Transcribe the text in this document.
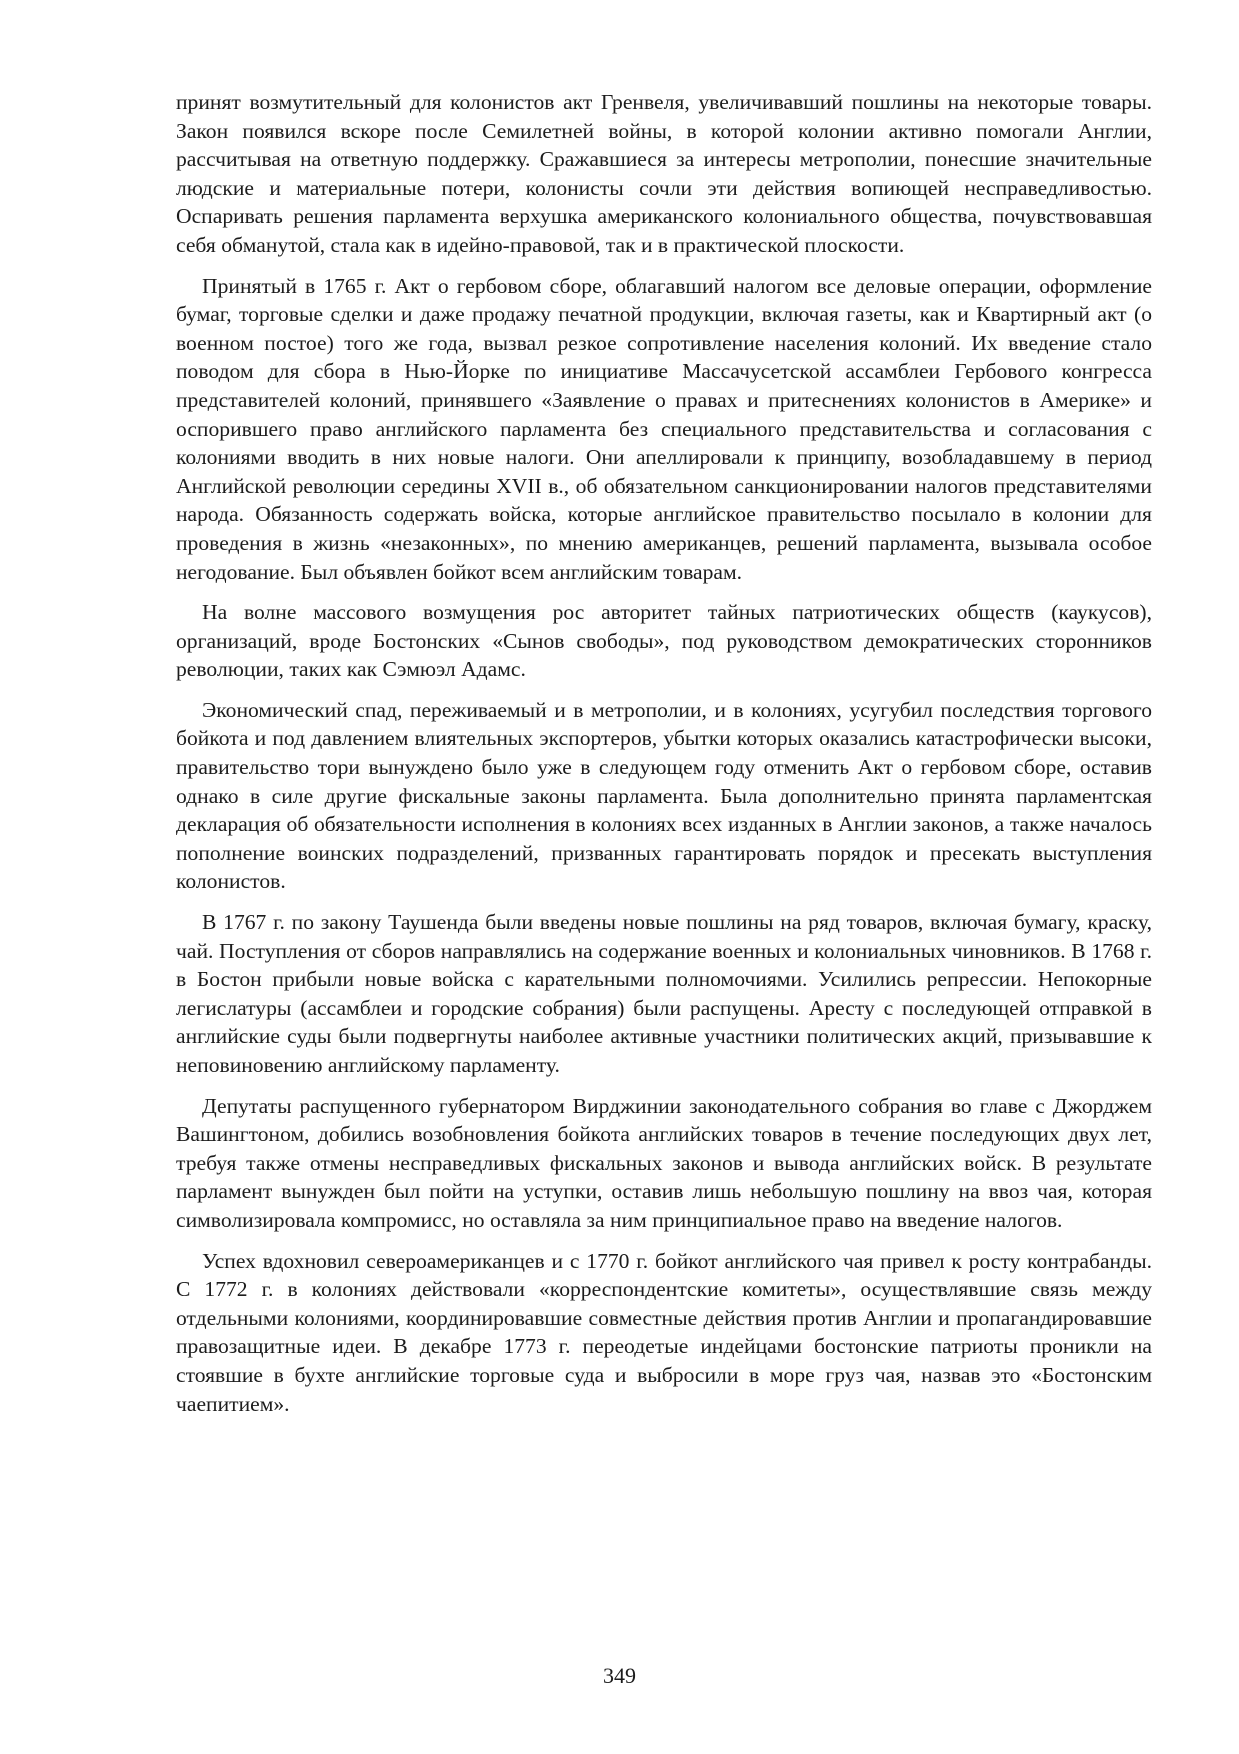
принят возмутительный для колонистов акт Гренвеля, увеличивавший пошлины на некоторые товары. Закон появился вскоре после Семилетней войны, в которой колонии активно помогали Англии, рассчитывая на ответную поддержку. Сражавшиеся за интересы метрополии, понесшие значительные людские и материальные потери, колонисты сочли эти действия вопиющей несправедливостью. Оспаривать решения парламента верхушка американского колониального общества, почувствовавшая себя обманутой, стала как в идейно-правовой, так и в практической плоскости.

Принятый в 1765 г. Акт о гербовом сборе, облагавший налогом все деловые операции, оформление бумаг, торговые сделки и даже продажу печатной продукции, включая газеты, как и Квартирный акт (о военном постое) того же года, вызвал резкое сопротивление населения колоний. Их введение стало поводом для сбора в Нью-Йорке по инициативе Массачусетской ассамблеи Гербового конгресса представителей колоний, принявшего «Заявление о правах и притеснениях колонистов в Америке» и оспорившего право английского парламента без специального представительства и согласования с колониями вводить в них новые налоги. Они апеллировали к принципу, возобладавшему в период Английской революции середины XVII в., об обязательном санкционировании налогов представителями народа. Обязанность содержать войска, которые английское правительство посылало в колонии для проведения в жизнь «незаконных», по мнению американцев, решений парламента, вызывала особое негодование. Был объявлен бойкот всем английским товарам.

На волне массового возмущения рос авторитет тайных патриотических обществ (каукусов), организаций, вроде Бостонских «Сынов свободы», под руководством демократических сторонников революции, таких как Сэмюэл Адамс.

Экономический спад, переживаемый и в метрополии, и в колониях, усугубил последствия торгового бойкота и под давлением влиятельных экспортеров, убытки которых оказались катастрофически высоки, правительство тори вынуждено было уже в следующем году отменить Акт о гербовом сборе, оставив однако в силе другие фискальные законы парламента. Была дополнительно принята парламентская декларация об обязательности исполнения в колониях всех изданных в Англии законов, а также началось пополнение воинских подразделений, призванных гарантировать порядок и пресекать выступления колонистов.

В 1767 г. по закону Таушенда были введены новые пошлины на ряд товаров, включая бумагу, краску, чай. Поступления от сборов направлялись на содержание военных и колониальных чиновников. В 1768 г. в Бостон прибыли новые войска с карательными полномочиями. Усилились репрессии. Непокорные легислатуры (ассамблеи и городские собрания) были распущены. Аресту с последующей отправкой в английские суды были подвергнуты наиболее активные участники политических акций, призывавшие к неповиновению английскому парламенту.

Депутаты распущенного губернатором Вирджинии законодательного собрания во главе с Джорджем Вашингтоном, добились возобновления бойкота английских товаров в течение последующих двух лет, требуя также отмены несправедливых фискальных законов и вывода английских войск. В результате парламент вынужден был пойти на уступки, оставив лишь небольшую пошлину на ввоз чая, которая символизировала компромисс, но оставляла за ним принципиальное право на введение налогов.

Успех вдохновил североамериканцев и с 1770 г. бойкот английского чая привел к росту контрабанды. С 1772 г. в колониях действовали «корреспондентские комитеты», осуществлявшие связь между отдельными колониями, координировавшие совместные действия против Англии и пропагандировавшие правозащитные идеи. В декабре 1773 г. переодетые индейцами бостонские патриоты проникли на стоявшие в бухте английские торговые суда и выбросили в море груз чая, назвав это «Бостонским чаепитием».

349
